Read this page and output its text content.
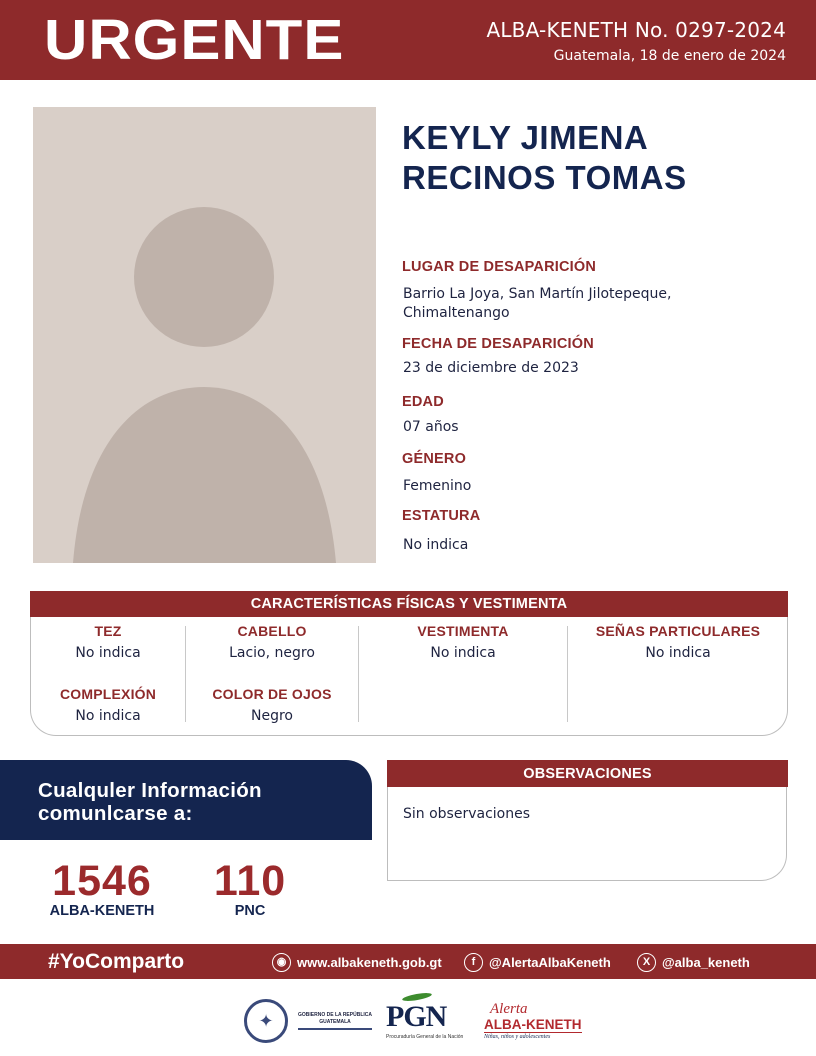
URGENTE	ALBA-KENETH No. 0297-2024
Guatemala, 18 de enero de 2024
KEYLY JIMENA
RECINOS TOMAS
LUGAR DE DESAPARICIÓN
Barrio La Joya, San Martín Jilotepeque,
Chimaltenango
FECHA DE DESAPARICIÓN
23 de diciembre de 2023
EDAD
07 años
GÉNERO
Femenino
ESTATURA
No indica
CARACTERÍSTICAS FÍSICAS Y VESTIMENTA
TEZ
No indica
COMPLEXIÓN
No indica
CABELLO
Lacio, negro
COLOR DE OJOS
Negro
VESTIMENTA
No indica
SEÑAS PARTICULARES
No indica
Cualquler Información
comunlcarse a:
1546
ALBA-KENETH
110
PNC
OBSERVACIONES
Sin observaciones
#YoComparto	◉ www.albakeneth.gob.gt	f	@AlertaAlbaKeneth	X @alba_keneth
✦	GOBIERNO DE LA REPÚBLICA
GUATEMALA	PGN
Procuraduría General de la Nación
Alerta
ALBA-KENETH
Niñas, niños y adolescentes
